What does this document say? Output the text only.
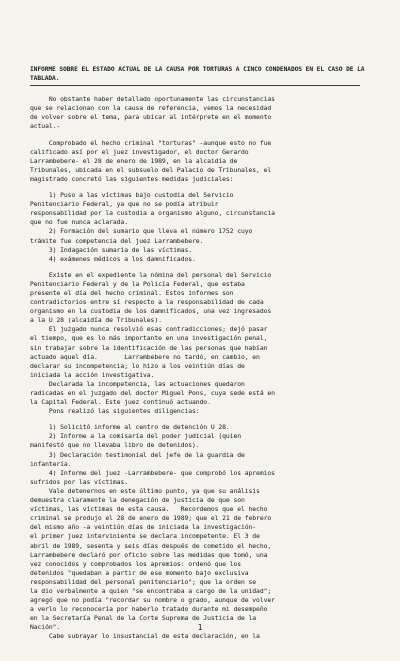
INFORME SOBRE EL ESTADO ACTUAL DE LA CAUSA POR TORTURAS A CINCO CONDENADOS EN EL CASO DE LA TABLADA.

No obstante haber detallado oportunamente las circunstancias

que se relacionan con la causa de referencia, vemos la necesidad

de volver sobre el tema, para ubicar al intérprete en el momento

actual.-

Comprobado el hecho criminal "torturas" -aunque esto no fue

calificado así por el juez investigador, el doctor Gerardo

Larrambebere- el 28 de enero de 1989, en la alcaidía de

Tribunales, ubicada en el subsuelo del Palacio de Tribunales, el

magistrado concretó las siguientes medidas judiciales:

1) Puso a las víctimas bajo custodia del Servicio

Penitenciario Federal, ya que no se podía atribuir

responsabilidad por la custodia a organismo alguno, circunstancia

que no fue nunca aclarada.

2) Formación del sumario que lleva el número 1752 cuyo

trámite fue competencia del juez Larrambebere.

3) Indagación sumaria de las víctimas.

4) exámenes médicos a los damnificados.

Existe en el expediente la nómina del personal del Servicio

Penitenciario Federal y de la Policía Federal, que estaba

presente el día del hecho criminal. Estos informes son

contradictorios entre sí respecto a la responsabilidad de cada

organismo en la custodia de los damnificados, una vez ingresados

a la U 28 (alcaidía de Tribunales).

El juzgado nunca resolvió esas contradicciones; dejó pasar

el tiempo, que es lo más importante en una investigación penal,

sin trabajar sobre la identificación de las personas que habían

actuado aquel día.       Larrambebere no tardó, en cambio, en

declarar su incompetencia; lo hizo a los veintiún días de

iniciada la acción investigativa.

Declarada la incompetencia, las actuaciones quedaron

radicadas en el juzgado del doctor Miguel Pons, cuya sede está en

la Capital Federal. Este juez continuó actuando.

Pons realizó las siguientes diligencias:

1) Solicitó informe al centro de detención U 28.

2) Informe a la comisaría del poder judicial (quien

manifestó que no llevaba libro de detenidos).

3) Declaración testimonial del jefe de la guardia de

infantería.

4) Informe del juez -Larrambebere- que comprobó los apremios

sufridos por las víctimas.

Vale detenernos en este último punto, ya que su análisis

demuestra claramente la denegación de justicia de que son

víctimas, las víctimas de esta causa.   Recordemos que el hecho

criminal se produjo el 28 de enero de 1989; que el 21 de febrero

del mismo año -a veintiún días de iniciada la investigación-

el primer juez interviniente se declara incompetente. El 3 de

abril de 1989, sesenta y seis días después de cometido el hecho,

Larrambebere declaró por oficio sobre las medidas que tomó, una

vez conocidos y comprobados los apremios: ordenó que los

detenidos "quedaban a partir de ese momento bajo exclusiva

responsabilidad del personal penitenciario"; que la orden se

la dio verbalmente a quien "se encontraba a cargo de la unidad";

agregó que no podía "recordar su nombre o grado, aunque de volver

a verlo lo reconocería por haberlo tratado durante mi desempeño

en la Secretaría Penal de la Corte Suprema de Justicia de la

Nación".

Cabe subrayar lo insustancial de esta declaración, en la

1
